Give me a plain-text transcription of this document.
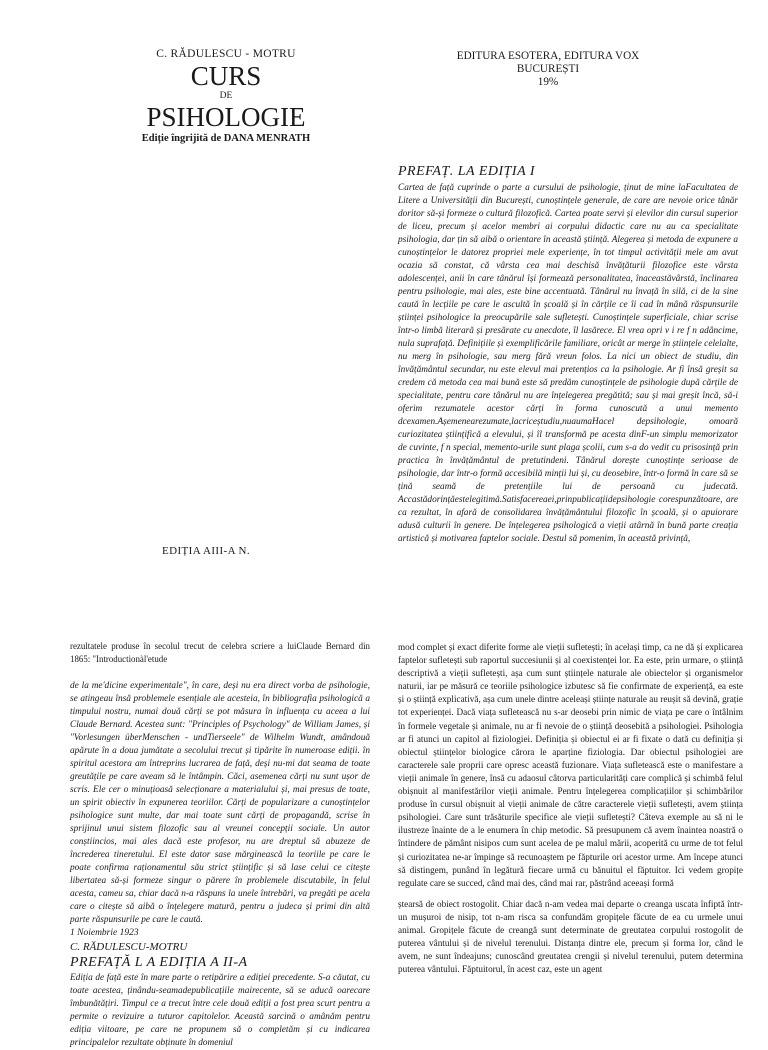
C. RĂDULESCU - MOTRU
CURS
DE
PSIHOLOGIE
Ediție îngrijită de DANA MENRATH
EDIȚIA AIII-A N.
EDITURA ESOTERA, EDITURA VOX
BUCUREȘTI
19%
PREFAȚ. LA EDIȚIA I

Cartea de față cuprinde o parte a cursului de psihologie, ținut de mine laFacultatea de Litere a Universității din București, cunoștințele generale, de care are nevoie orice tânăr doritor să-și formeze o cultură filozofică. Cartea poate servi și elevilor din cursul superior de liceu, precum și acelor membri ai corpului didactic care nu au ca specialitate psihologia, dar țin să aibă o orientare în această știință. Alegerea și metoda de expunere a cunoștințelor le datorez propriei mele experiențe, în tot timpul activității mele am avut ocazia să constat, că vârsta cea mai deschisă învățăturii filozofice este vârsta adolescenței, anii în care tânărul își formează personalitatea, înaceastăvârstă, înclinarea pentru psihologie, mai ales, este bine accentuată. Tânărul nu învață în silă, ci de la sine caută în lecțiile pe care le ascultă în școală și în cărțile ce îi cad în mână răspunsurile științei psihologice la preocupările sale sufletești. Cunoștințele superficiale, chiar scrise într-o limbă literară și presărate cu anecdote, îl lasărece. El vrea opri v i re f n adâncime, nula suprafață. Definițiile și exemplificările familiare, oricât ar merge în științele celelalte, nu merg în psihologie, sau merg fără vreun folos. La nici un obiect de studiu, din învățământul secundar, nu este elevul mai pretențios ca la psihologie. Ar fi însă greșit sa credem că metoda cea mai bună este să predăm cunoștințele de psihologie după cărțile de specialitate, pentru care tânărul nu are înțelegerea pregătită; sau și mai greșit încă, să-i oferim rezumatele acestor cărți în forma cunoscută a unui memento dcexamen.Așemenearezumate,lacriceștudiu,nuaumaHacel depsihologie, omoară curiozitatea științifică a elevului, și îl transformă pe acesta dinF-un simplu memorizator de cuvinte, f n special, memento-urile sunt plaga școlii, cum s-a do vedit cu prisosință prin practica în învățământul de pretutindeni. Tânărul dorește cunoștințe serioase de psihologie, dar într-o formă accesibilă minții lui și, cu deosebire, într-o formă în care să se țină seamă de pretențiile lui de persoană cu judecată. Accastădorințăestelegitimă.Satisfacereaei,prinpublicațiidepsihologie corespunzătoare, are ca rezultat, în afară de consolidarea învățământului filozofic în școală, și o apuiorare adusă culturii în genere. De înțelegerea psihologică a vieții atârnă în bună parte creația artistică și motivarea faptelor sociale. Destul să pomenim, în această privință,

rezultatele produse în secolul trecut de celebra scriere a luiClaude Bernard din 1865: "Introductionàl'etude

de la me'dicine experimentale", în care, deși nu era direct vorba de psihologie, se atingeau însă problemele esențiale ale acesteia, în bibliografia psihologică a timpului nostru, numai două cărți se pot măsura în influența cu aceea a lui Claude Bernard. Acestea sunt: "Principles of Psychology" de William James, și "Vorlesungen überMenschen - undTierseele" de Wilhelm Wundt, amândouă apărute în a doua jumătate a secolului trecut și tipărite în numeroase ediții. în spiritul acestora am întreprins lucrarea de față, deși nu-mi dat seama de toate greutățile pe care aveam să le întâmpin. Căci, asemenea cărți nu sunt ușor de scris. Ele cer o minuțioasă selecționare a materialului și, mai presus de toate, un spirit obiectiv în expunerea teoriilor. Cărți de popularizare a cunoștințelor psihologice sunt multe, dar mai toate sunt cărți de propagandă, scrise în sprijinul unui sistem filozofic sau al vreunei concepții sociale. Un autor conștiincios, mai ales dacă este profesor, nu are dreptul să abuzeze de încrederea tineretului. El este dator sase mărginească la teoriile pe care le poate confirma raționamentul său strict științific și să lase celui ce citește libertatea să-și formeze singur o părere în problemele discutabile, în felul acesta, cameu sa, chiar dacă n-a răspuns la unele întrebări, va pregăti pe acela care o citește să aibă o înțelegere matură, pentru a judeca și primi din altă parte răspunsurile pe care le caută.

1 Noiembrie 1923
C. RĂDULESCU-MOTRU
PREFAȚĂ L A EDIȚIA A II-A

Ediția de față este în mare parte o retipărire a ediției precedente. S-a căutat, cu toate acestea, ținându-seamadepublicațiile mairecente, să se aducă oarecare îmbunătățiri. Timpul ce a trecut între cele două ediții a fost prea scurt pentru a permite o revizuire a tuturor capitolelor. Această sarcină o amânăm pentru ediția viitoare, pe care ne propunem să o completăm și cu indicarea principalelor rezultate obținute în domeniul

mod complet și exact diferite forme ale vieții sufletești; în același timp, ca ne dă și explicarea faptelor sufletești sub raportul succesiunii și al coexistenței lor. Ea este, prin urmare, o știință descriptivă a vieții sufletești, așa cum sunt științele naturale ale obiectelor și organismelor naturii, iar pe măsură ce teoriile psihologice izbutesc să fie confirmate de experiență, ea este și o știință explicativă, așa cum unele dintre aceleași științe naturale au reușit să devină, grație tot experienței. Dacă viața sufletească nu s-ar deosebi prin nimic de viața pe care o întâlnim în formele vegetale și animale, nu ar fi nevoie de o știință deosebită a psihologiei. Psihologia ar fi atunci un capitol al fiziologiei. Definiția și obiectul ei ar fi fixate o dată cu definiția și obiectul științelor biologice cărora le aparține fiziologia. Dar obiectul psihologiei are caracterele sale proprii care opresc această fuzionare. Viața sufletească este o manifestare a vieții animale în genere, însă cu adaosul câtorva particularități care complică și schimbă felul obișnuit al manifestărilor vieții animale. Pentru înțelegerea complicațiilor și schimbărilor produse în cursul obișnuit al vieții animale de către caracterele vieții sufletești, avem știința psihologiei. Care sunt trăsăturile specifice ale vieții sufletești? Câteva exemple au să ni le ilustreze înainte de a le enumera în chip metodic. Să presupunem că avem înaintea noastră o întindere de pământ nisipos cum sunt acelea de pe malul mării, acoperită cu urme de tot felul și curiozitatea ne-ar împinge să recunoaștem pe făpturile ori acestor urme. Am începe atunci să distingem, punând în legătură fiecare urmă cu bănuitul el făptuitor. Ici vedem gropițe regulate care se succed, când mai des, când mai rar, păstrând aceeași formă

ștearsă de obiect rostogolit. Chiar dacă n-am vedea mai departe o creanga uscata înfiptă într-un mușuroi de nisip, tot n-am risca sa confundăm gropițele făcute de ea cu urmele unui animal. Gropițele făcute de creangă sunt determinate de greutatea corpului rostogolit de puterea vântului și de nivelul terenului. Distanța dintre ele, precum și forma lor, când le avem, ne sunt îndeajuns; cunoscând greutatea crengii și nivelul terenului, putem determina puterea vântului. Făptuitorul, în acest caz, este un agent
